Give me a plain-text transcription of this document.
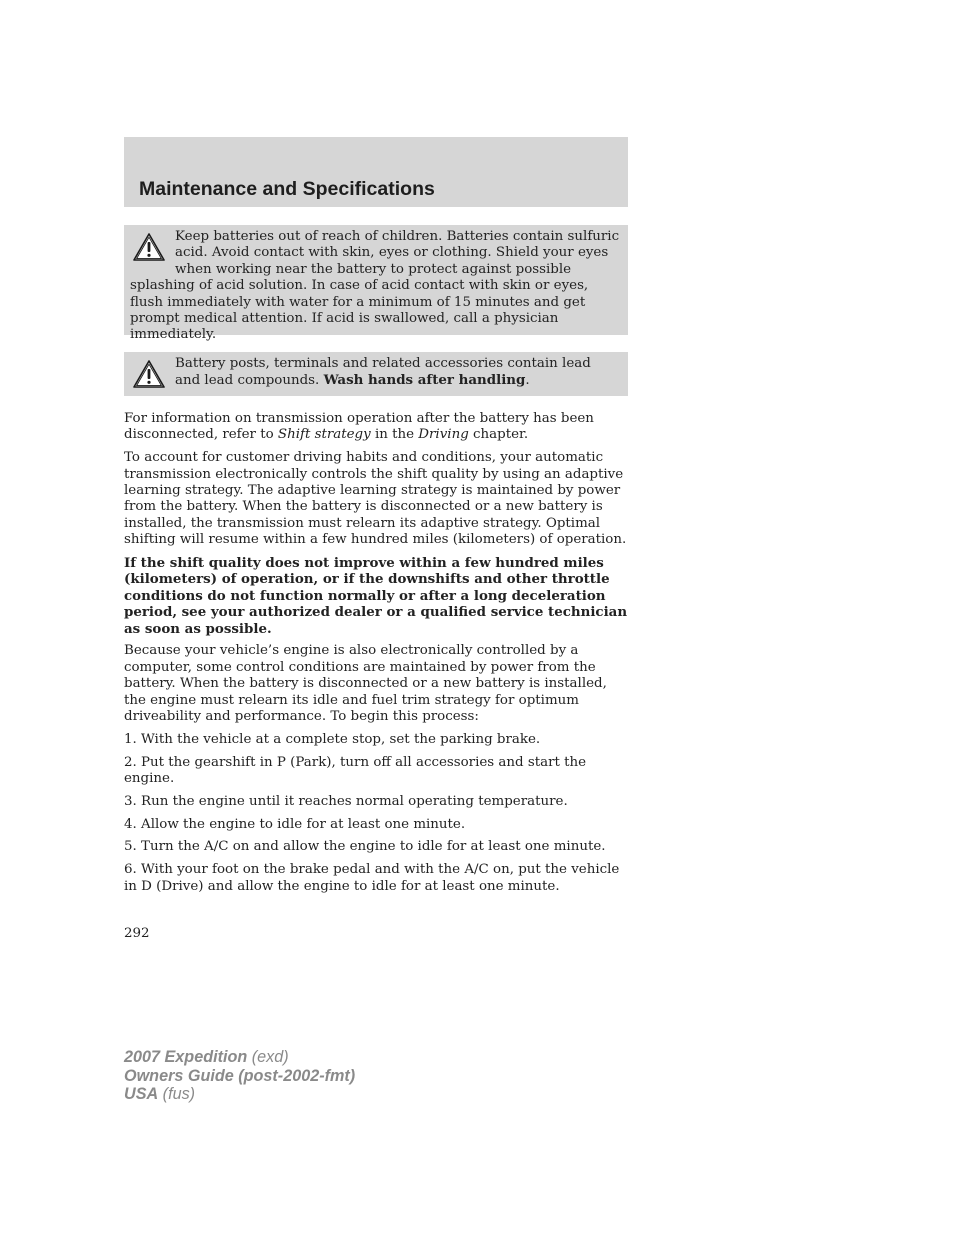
Maintenance and Specifications
Keep batteries out of reach of children. Batteries contain sulfuric acid. Avoid contact with skin, eyes or clothing. Shield your eyes when working near the battery to protect against possible splashing of acid solution. In case of acid contact with skin or eyes, flush immediately with water for a minimum of 15 minutes and get prompt medical attention. If acid is swallowed, call a physician immediately.
Battery posts, terminals and related accessories contain lead and lead compounds. Wash hands after handling.

For information on transmission operation after the battery has been disconnected, refer to Shift strategy in the Driving chapter.

To account for customer driving habits and conditions, your automatic transmission electronically controls the shift quality by using an adaptive learning strategy. The adaptive learning strategy is maintained by power from the battery. When the battery is disconnected or a new battery is installed, the transmission must relearn its adaptive strategy. Optimal shifting will resume within a few hundred miles (kilometers) of operation.

If the shift quality does not improve within a few hundred miles (kilometers) of operation, or if the downshifts and other throttle conditions do not function normally or after a long deceleration period, see your authorized dealer or a qualified service technician as soon as possible.

Because your vehicle’s engine is also electronically controlled by a computer, some control conditions are maintained by power from the battery. When the battery is disconnected or a new battery is installed, the engine must relearn its idle and fuel trim strategy for optimum driveability and performance. To begin this process:

1. With the vehicle at a complete stop, set the parking brake.

2. Put the gearshift in P (Park), turn off all accessories and start the engine.

3. Run the engine until it reaches normal operating temperature.

4. Allow the engine to idle for at least one minute.

5. Turn the A/C on and allow the engine to idle for at least one minute.

6. With your foot on the brake pedal and with the A/C on, put the vehicle in D (Drive) and allow the engine to idle for at least one minute.

292
2007 Expedition (exd)
Owners Guide (post-2002-fmt)
USA (fus)
